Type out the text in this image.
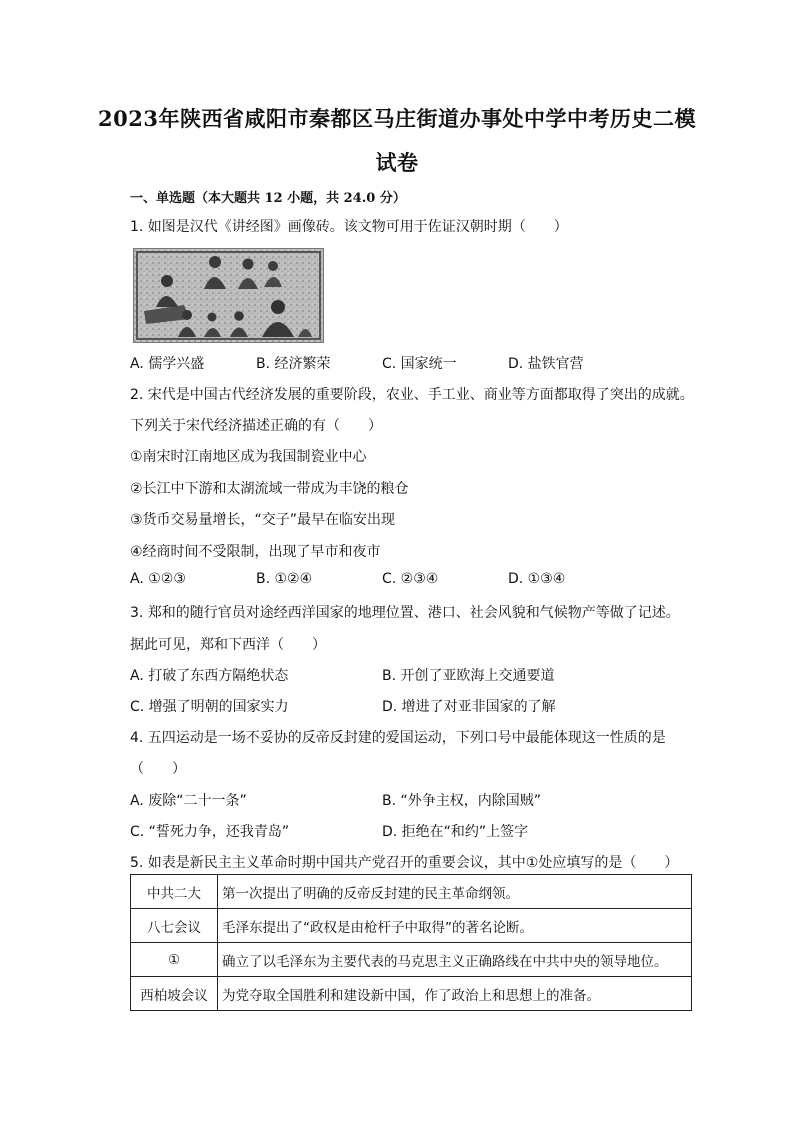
2023年陕西省咸阳市秦都区马庄街道办事处中学中考历史二模
试卷
一、单选题（本大题共 12 小题，共 24.0 分）
1. 如图是汉代《讲经图》画像砖。该文物可用于佐证汉朝时期（　　）
A. 儒学兴盛	B. 经济繁荣	C. 国家统一	D. 盐铁官营
2. 宋代是中国古代经济发展的重要阶段，农业、手工业、商业等方面都取得了突出的成就。
下列关于宋代经济描述正确的有（　　）
①南宋时江南地区成为我国制瓷业中心
②长江中下游和太湖流域一带成为丰饶的粮仓
③货币交易量增长，“交子”最早在临安出现
④经商时间不受限制，出现了早市和夜市
A. ①②③	B. ①②④	C. ②③④	D. ①③④
3. 郑和的随行官员对途经西洋国家的地理位置、港口、社会风貌和气候物产等做了记述。
据此可见，郑和下西洋（　　）
A. 打破了东西方隔绝状态	B. 开创了亚欧海上交通要道
C. 增强了明朝的国家实力	D. 增进了对亚非国家的了解
4. 五四运动是一场不妥协的反帝反封建的爱国运动，下列口号中最能体现这一性质的是
（　　）
A. 废除“二十一条”	B. “外争主权，内除国贼”
C. “誓死力争，还我青岛”	D. 拒绝在“和约”上签字
5. 如表是新民主主义革命时期中国共产党召开的重要会议，其中①处应填写的是（　　）
中共二大	第一次提出了明确的反帝反封建的民主革命纲领。
八七会议	毛泽东提出了“政权是由枪杆子中取得”的著名论断。
①	确立了以毛泽东为主要代表的马克思主义正确路线在中共中央的领导地位。
西柏坡会议	为党夺取全国胜利和建设新中国，作了政治上和思想上的准备。
